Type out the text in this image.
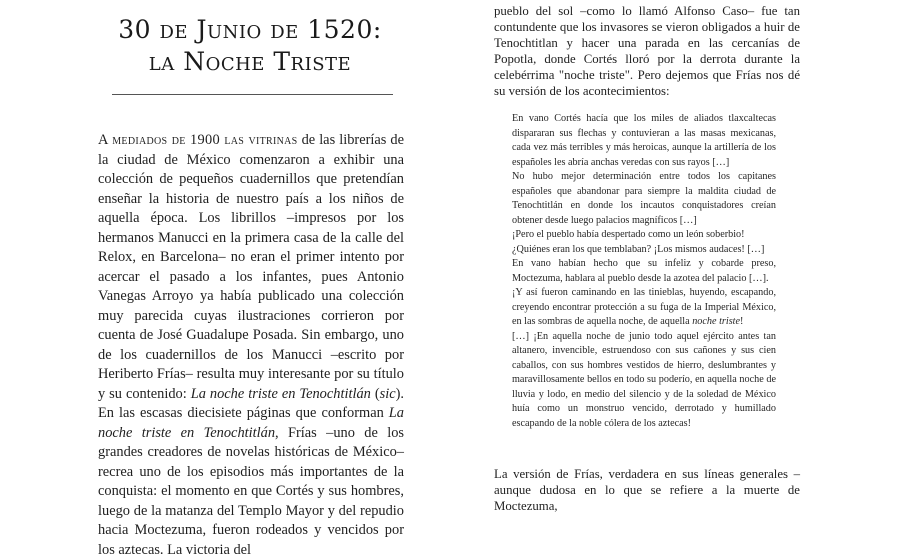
30 de Junio de 1520:
la Noche Triste

A mediados de 1900 las vitrinas de las librerías de la ciudad de México comenzaron a exhibir una colección de pequeños cuadernillos que pretendían enseñar la historia de nuestro país a los niños de aquella época. Los librillos –impresos por los hermanos Manucci en la primera casa de la calle del Relox, en Barcelona– no eran el primer intento por acercar el pasado a los infantes, pues Antonio Vanegas Arroyo ya había publicado una colección muy parecida cuyas ilustraciones corrieron por cuenta de José Guadalupe Posada. Sin embargo, uno de los cuadernillos de los Manucci –escrito por Heriberto Frías– resulta muy interesante por su título y su contenido: La noche triste en Tenochtitlán (sic). En las escasas diecisiete páginas que conforman La noche triste en Tenochtitlán, Frías –uno de los grandes creadores de novelas históricas de México– recrea uno de los episodios más importantes de la conquista: el momento en que Cortés y sus hombres, luego de la matanza del Templo Mayor y del repudio hacia Moctezuma, fueron rodeados y vencidos por los aztecas. La victoria del

pueblo del sol –como lo llamó Alfonso Caso– fue tan contundente que los invasores se vieron obligados a huir de Tenochtitlan y hacer una parada en las cercanías de Popotla, donde Cortés lloró por la derrota durante la celebérrima "noche triste". Pero dejemos que Frías nos dé su versión de los acontecimientos:

En vano Cortés hacía que los miles de aliados tlaxcaltecas dispararan sus flechas y contuvieran a las masas mexicanas, cada vez más terribles y más heroicas, aunque la artillería de los españoles les abría anchas veredas con sus rayos […]

No hubo mejor determinación entre todos los capitanes españoles que abandonar para siempre la maldita ciudad de Tenochtitlán en donde los incautos conquistadores creían obtener desde luego palacios magníficos […]

¡Pero el pueblo había despertado como un león soberbio!

¿Quiénes eran los que temblaban? ¡Los mismos audaces! […]

En vano habían hecho que su infeliz y cobarde preso, Moctezuma, hablara al pueblo desde la azotea del palacio […].

¡Y así fueron caminando en las tinieblas, huyendo, escapando, creyendo encontrar protección a su fuga de la Imperial México, en las sombras de aquella noche, de aquella noche triste!

[…] ¡En aquella noche de junio todo aquel ejército antes tan altanero, invencible, estruendoso con sus cañones y sus cien caballos, con sus hombres vestidos de hierro, deslumbrantes y maravillosamente bellos en todo su poderío, en aquella noche de lluvia y lodo, en medio del silencio y de la soledad de México huía como un monstruo vencido, derrotado y humillado escapando de la noble cólera de los aztecas!

La versión de Frías, verdadera en sus líneas generales –aunque dudosa en lo que se refiere a la muerte de Moctezuma,
